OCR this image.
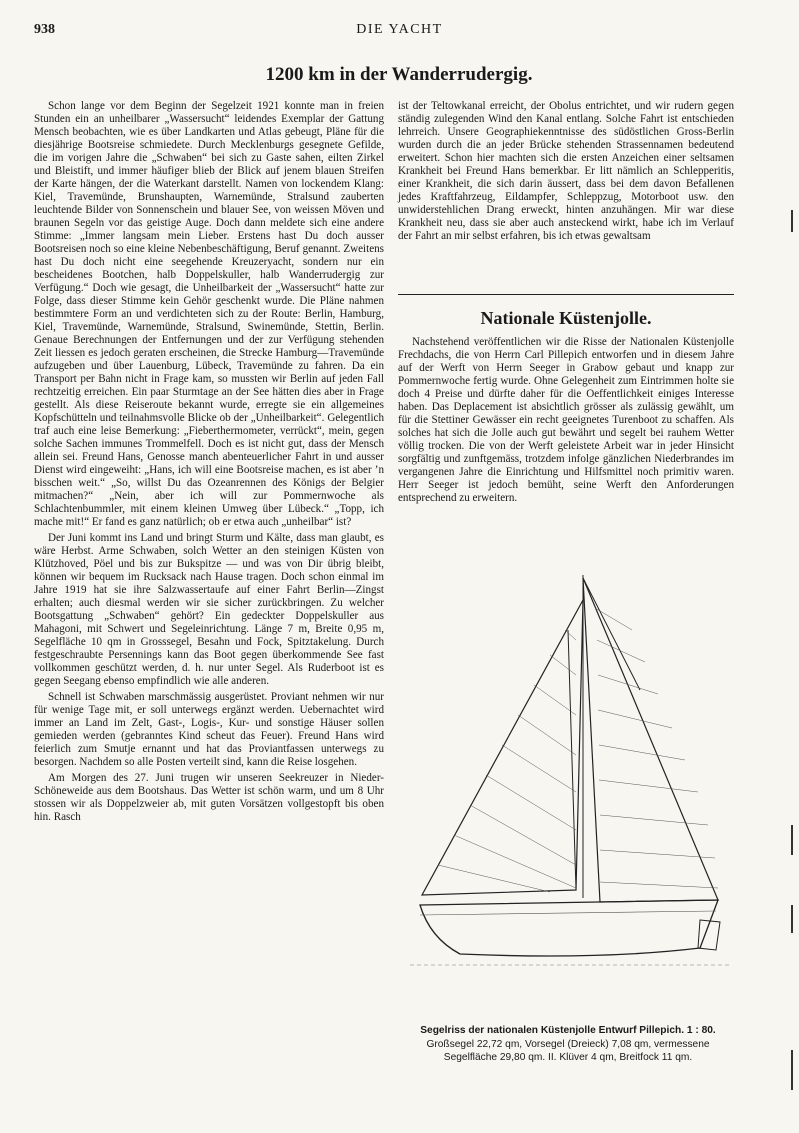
938	DIE YACHT
1200 km in der Wanderrudergig.

Schon lange vor dem Beginn der Segelzeit 1921 konnte man in freien Stunden ein an unheilbarer „Wassersucht“ leidendes Exemplar der Gattung Mensch beobachten, wie es über Landkarten und Atlas gebeugt, Pläne für die diesjährige Bootsreise schmiedete. Durch Mecklenburgs gesegnete Gefilde, die im vorigen Jahre die „Schwaben“ bei sich zu Gaste sahen, eilten Zirkel und Bleistift, und immer häufiger blieb der Blick auf jenem blauen Streifen der Karte hängen, der die Waterkant darstellt. Namen von lockendem Klang: Kiel, Travemünde, Brunshaupten, Warnemünde, Stralsund zauberten leuchtende Bilder von Sonnenschein und blauer See, von weissen Möven und braunen Segeln vor das geistige Auge. Doch dann meldete sich eine andere Stimme: „Immer langsam mein Lieber. Erstens hast Du doch ausser Bootsreisen noch so eine kleine Nebenbeschäftigung, Beruf genannt. Zweitens hast Du doch nicht eine seegehende Kreuzeryacht, sondern nur ein bescheidenes Bootchen, halb Doppelskuller, halb Wanderrudergig zur Verfügung.“ Doch wie gesagt, die Unheilbarkeit der „Wassersucht“ hatte zur Folge, dass dieser Stimme kein Gehör geschenkt wurde. Die Pläne nahmen bestimmtere Form an und verdichteten sich zu der Route: Berlin, Hamburg, Kiel, Travemünde, Warnemünde, Stralsund, Swinemünde, Stettin, Berlin. Genaue Berechnungen der Entfernungen und der zur Verfügung stehenden Zeit liessen es jedoch geraten erscheinen, die Strecke Hamburg—Travemünde aufzugeben und über Lauenburg, Lübeck, Travemünde zu fahren. Da ein Transport per Bahn nicht in Frage kam, so mussten wir Berlin auf jeden Fall rechtzeitig erreichen. Ein paar Sturmtage an der See hätten dies aber in Frage gestellt. Als diese Reiseroute bekannt wurde, erregte sie ein allgemeines Kopfschütteln und teilnahmsvolle Blicke ob der „Unheilbarkeit“. Gelegentlich traf auch eine leise Bemerkung: „Fieberthermometer, verrückt“, mein, gegen solche Sachen immunes Trommelfell. Doch es ist nicht gut, dass der Mensch allein sei. Freund Hans, Genosse manch abenteuerlicher Fahrt in und ausser Dienst wird eingeweiht: „Hans, ich will eine Bootsreise machen, es ist aber ’n bisschen weit.“ „So, willst Du das Ozeanrennen des Königs der Belgier mitmachen?“ „Nein, aber ich will zur Pommernwoche als Schlachtenbummler, mit einem kleinen Umweg über Lübeck.“ „Topp, ich mache mit!“ Er fand es ganz natürlich; ob er etwa auch „unheilbar“ ist?

Der Juni kommt ins Land und bringt Sturm und Kälte, dass man glaubt, es wäre Herbst. Arme Schwaben, solch Wetter an den steinigen Küsten von Klützhoved, Pöel und bis zur Bukspitze — und was von Dir übrig bleibt, können wir bequem im Rucksack nach Hause tragen. Doch schon einmal im Jahre 1919 hat sie ihre Salzwassertaufe auf einer Fahrt Berlin—Zingst erhalten; auch diesmal werden wir sie sicher zurückbringen. Zu welcher Bootsgattung „Schwaben“ gehört? Ein gedeckter Doppelskuller aus Mahagoni, mit Schwert und Segeleinrichtung. Länge 7 m, Breite 0,95 m, Segelfläche 10 qm in Grosssegel, Besahn und Fock, Spitztakelung. Durch festgeschraubte Persennings kann das Boot gegen überkommende See fast vollkommen geschützt werden, d. h. nur unter Segel. Als Ruderboot ist es gegen Seegang ebenso empfindlich wie alle anderen.

Schnell ist Schwaben marschmässig ausgerüstet. Proviant nehmen wir nur für wenige Tage mit, er soll unterwegs ergänzt werden. Uebernachtet wird immer an Land im Zelt, Gast-, Logis-, Kur- und sonstige Häuser sollen gemieden werden (gebranntes Kind scheut das Feuer). Freund Hans wird feierlich zum Smutje ernannt und hat das Proviantfassen unterwegs zu besorgen. Nachdem so alle Posten verteilt sind, kann die Reise losgehen.

Am Morgen des 27. Juni trugen wir unseren Seekreuzer in Nieder-Schöneweide aus dem Bootshaus. Das Wetter ist schön warm, und um 8 Uhr stossen wir als Doppelzweier ab, mit guten Vorsätzen vollgestopft bis oben hin. Rasch

ist der Teltowkanal erreicht, der Obolus entrichtet, und wir rudern gegen ständig zulegenden Wind den Kanal entlang. Solche Fahrt ist entschieden lehrreich. Unsere Geographiekenntnisse des südöstlichen Gross-Berlin wurden durch die an jeder Brücke stehenden Strassennamen bedeutend erweitert. Schon hier machten sich die ersten Anzeichen einer seltsamen Krankheit bei Freund Hans bemerkbar. Er litt nämlich an Schlepperitis, einer Krankheit, die sich darin äussert, dass bei dem davon Befallenen jedes Kraftfahrzeug, Eildampfer, Schleppzug, Motorboot usw. den unwiderstehlichen Drang erweckt, hinten anzuhängen. Mir war diese Krankheit neu, dass sie aber auch ansteckend wirkt, habe ich im Verlauf der Fahrt an mir selbst erfahren, bis ich etwas gewaltsam

Nationale Küstenjolle.

Nachstehend veröffentlichen wir die Risse der Nationalen Küstenjolle Frechdachs, die von Herrn Carl Pillepich entworfen und in diesem Jahre auf der Werft von Herrn Seeger in Grabow gebaut und knapp zur Pommernwoche fertig wurde. Ohne Gelegenheit zum Eintrimmen holte sie doch 4 Preise und dürfte daher für die Oeffentlichkeit einiges Interesse haben. Das Deplacement ist absichtlich grösser als zulässig gewählt, um für die Stettiner Gewässer ein recht geeignetes Turenboot zu schaffen. Als solches hat sich die Jolle auch gut bewährt und segelt bei rauhem Wetter völlig trocken. Die von der Werft geleistete Arbeit war in jeder Hinsicht sorgfältig und zunftgemäss, trotzdem infolge gänzlichen Niederbrandes im vergangenen Jahre die Einrichtung und Hilfsmittel noch primitiv waren. Herr Seeger ist jedoch bemüht, seine Werft den Anforderungen entsprechend zu erweitern.

Segelriss der nationalen Küstenjolle Entwurf Pillepich. 1 : 80.
Großsegel 22,72 qm, Vorsegel (Dreieck) 7,08 qm, vermessene Segelfläche 29,80 qm. II. Klüver 4 qm, Breitfock 11 qm.
